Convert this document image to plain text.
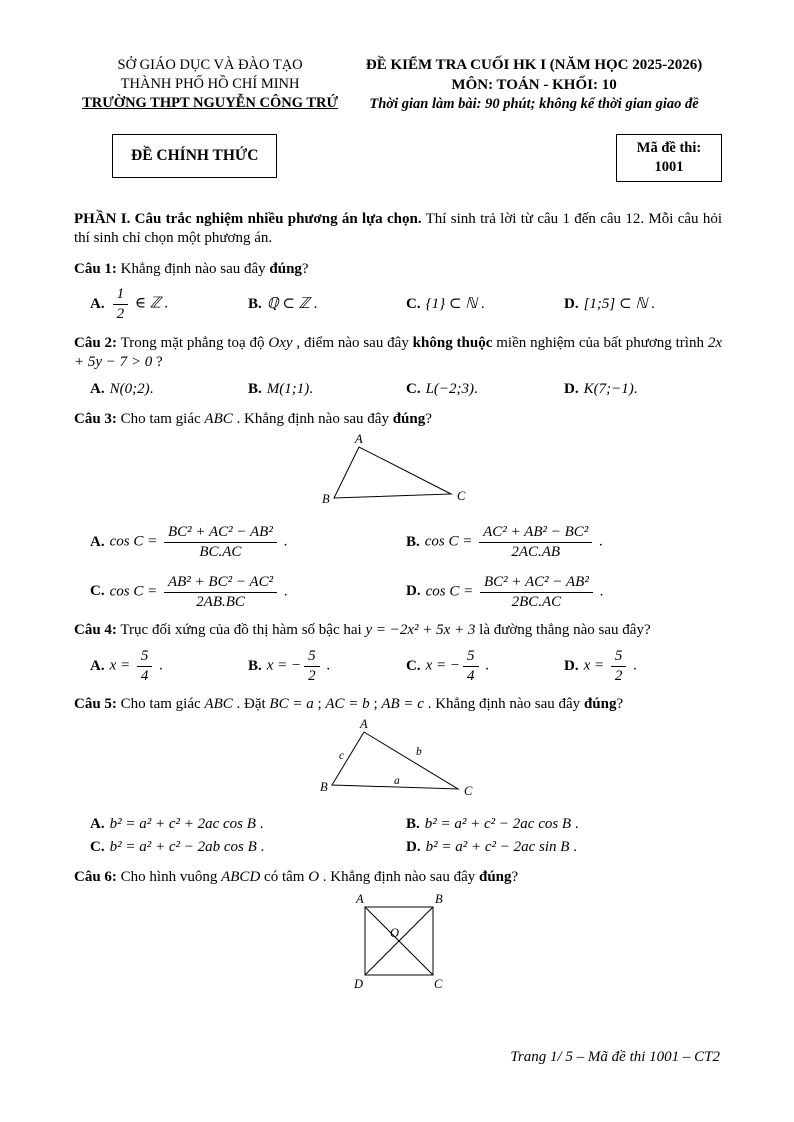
SỞ GIÁO DỤC VÀ ĐÀO TẠO
THÀNH PHỐ HỒ CHÍ MINH
TRƯỜNG THPT NGUYỄN CÔNG TRỨ
ĐỀ KIỂM TRA CUỐI HK I (NĂM HỌC 2025-2026)
MÔN: TOÁN - KHỐI: 10
Thời gian làm bài: 90 phút; không kể thời gian giao đề
ĐỀ CHÍNH THỨC	Mã đề thi:
1001

PHẦN I. Câu trắc nghiệm nhiều phương án lựa chọn. Thí sinh trả lời từ câu 1 đến câu 12. Mỗi câu hỏi thí sinh chỉ chọn một phương án.

Câu 1: Khẳng định nào sau đây đúng?

A. $\frac{1}{2}$ ∈ ℤ .	B. ℚ ⊂ ℤ .	C. {1} ⊂ ℕ .	D. [1;5] ⊂ ℕ .

Câu 2: Trong mặt phẳng toạ độ Oxy , điểm nào sau đây không thuộc miền nghiệm của bất phương trình 2x + 5y − 7 > 0 ?

A. N(0;2).	B. M(1;1).	C. L(−2;3).	D. K(7;−1).

Câu 3: Cho tam giác ABC . Khẳng định nào sau đây đúng?

A
B	C
A. $\cos C = \frac{\text{BC² + AC² − AB²}}{BC.AC}$ .	B. $\cos C = \frac{\text{AC² + AB² − BC²}}{2AC.AB}$ .
C. $\cos C = \frac{\text{AB² + BC² − AC²}}{2AB.BC}$ .	D. $\cos C = \frac{\text{BC² + AC² − AB²}}{2BC.AC}$ .

Câu 4: Trục đối xứng của đồ thị hàm số bậc hai y = −2x² + 5x + 3 là đường thẳng nào sau đây?

A. $x = \frac{5}{4}$ .	B. x = − $\frac{5}{2}$ .	C. x = − $\frac{5}{4}$ .	D. $x = \frac{5}{2}$ .

Câu 5: Cho tam giác ABC . Đặt BC = a ; AC = b ; AB = c . Khẳng định nào sau đây đúng?

A
B	C
c	b
a
A. b² = a² + c² + 2ac cos B .	B. b² = a² + c² − 2ac cos B .
C. b² = a² + c² − 2ab cos B .	D. b² = a² + c² − 2ac sin B .

Câu 6: Cho hình vuông ABCD có tâm O . Khẳng định nào sau đây đúng?

A	B
O
D	C
Trang 1/ 5 – Mã đề thi 1001 – CT2
